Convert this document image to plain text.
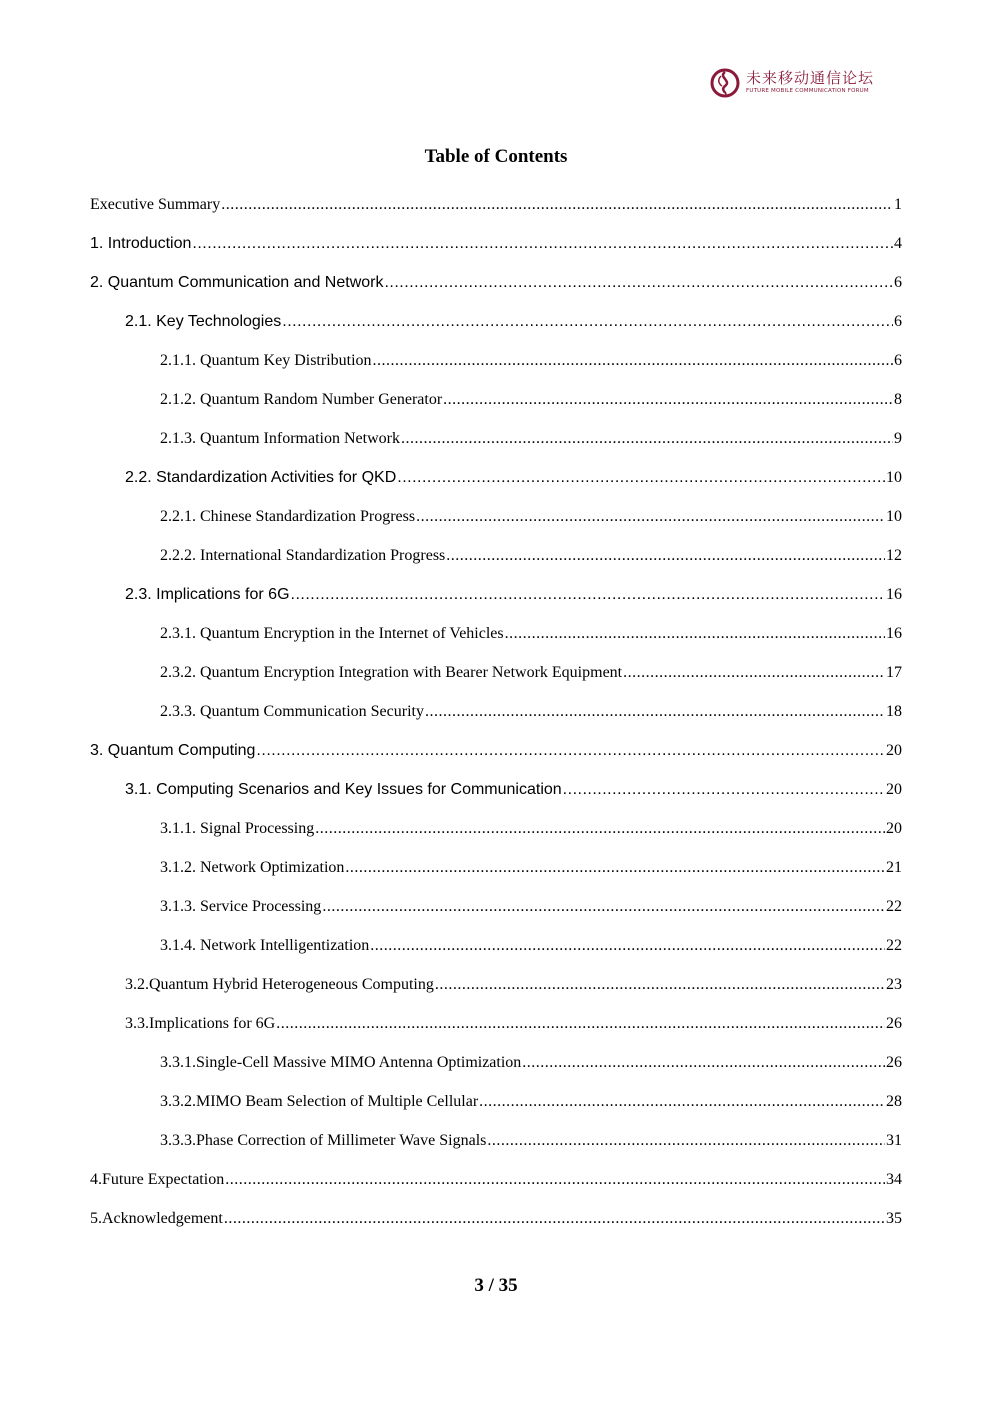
未来移动通信论坛
FUTURE MOBILE COMMUNICATION FORUM
Table of Contents
Executive Summary .....	1
1. Introduction .....	4
2. Quantum Communication and Network .....	6
2.1. Key Technologies .....	6
2.1.1. Quantum Key Distribution .....	6
2.1.2. Quantum Random Number Generator .....	8
2.1.3. Quantum Information Network .....	9
2.2. Standardization Activities for QKD .....	10
2.2.1. Chinese Standardization Progress .....	10
2.2.2. International Standardization Progress .....	12
2.3. Implications for 6G .....	16
2.3.1. Quantum Encryption in the Internet of Vehicles .....	16
2.3.2. Quantum Encryption Integration with Bearer Network Equipment .....	17
2.3.3. Quantum Communication Security .....	18
3. Quantum Computing .....	20
3.1. Computing Scenarios and Key Issues for Communication .....	20
3.1.1. Signal Processing .....	20
3.1.2. Network Optimization .....	21
3.1.3. Service Processing .....	22
3.1.4. Network Intelligentization .....	22
3.2.Quantum Hybrid Heterogeneous Computing .....	23
3.3.Implications for 6G .....	26
3.3.1.Single-Cell Massive MIMO Antenna Optimization .....	26
3.3.2.MIMO Beam Selection of Multiple Cellular .....	28
3.3.3.Phase Correction of Millimeter Wave Signals .....	31
4.Future Expectation .....	34
5.Acknowledgement .....	35
3 / 35
